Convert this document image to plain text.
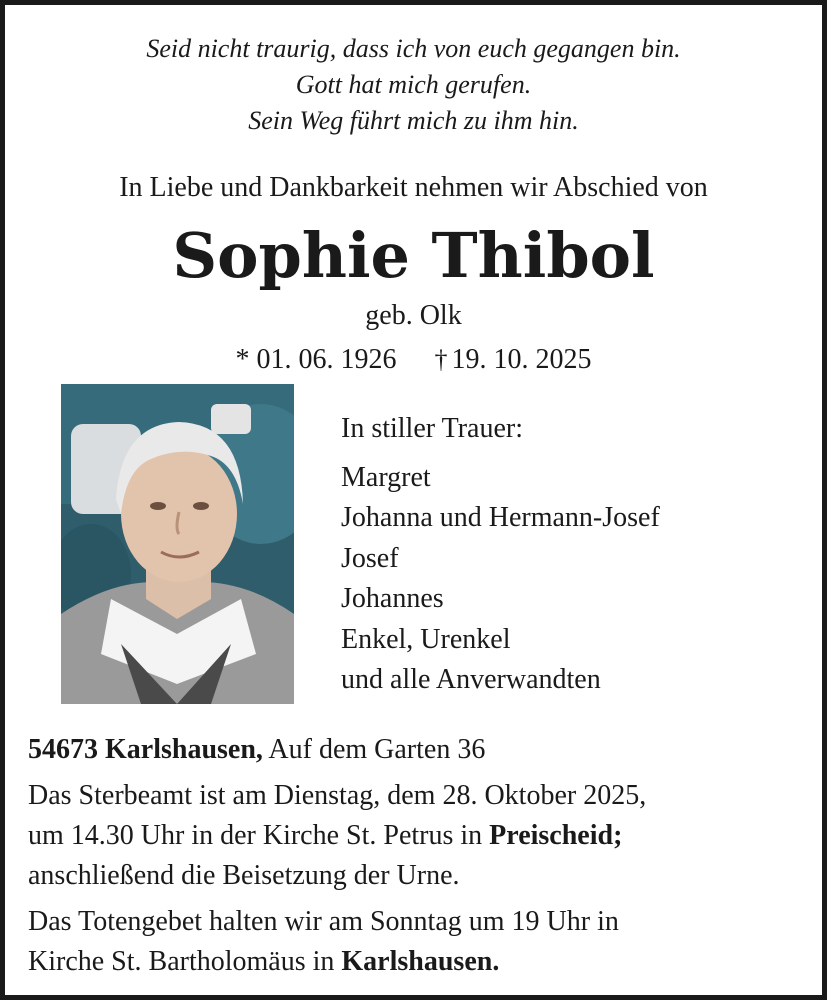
Seid nicht traurig, dass ich von euch gegangen bin.
Gott hat mich gerufen.
Sein Weg führt mich zu ihm hin.
In Liebe und Dankbarkeit nehmen wir Abschied von
Sophie Thibol
geb. Olk
* 01. 06. 1926 † 19. 10. 2025
In stiller Trauer:
Margret
Johanna und Hermann-Josef
Josef
Johannes
Enkel, Urenkel
und alle Anverwandten
54673 Karlshausen, Auf dem Garten 36
Das Sterbeamt ist am Dienstag, dem 28. Oktober 2025,
um 14.30 Uhr in der Kirche St. Petrus in Preischeid;
anschließend die Beisetzung der Urne.
Das Totengebet halten wir am Sonntag um 19 Uhr in
Kirche St. Bartholomäus in Karlshausen.
